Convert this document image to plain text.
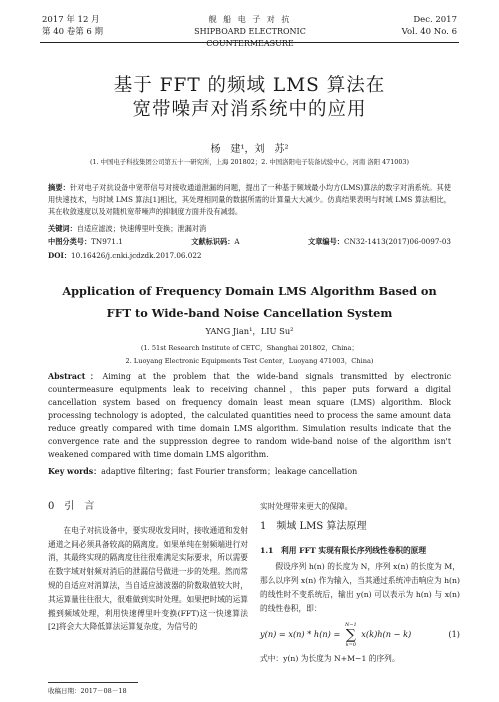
2017 年 12 月
第 40 卷第 6 期
舰 船 电 子 对 抗
SHIPBOARD ELECTRONIC COUNTERMEASURE
Dec. 2017
Vol. 40 No. 6
基于 FFT 的频域 LMS 算法在
宽带噪声对消系统中的应用
杨　建¹，刘　苏²
(1. 中国电子科技集团公司第五十一研究所，上海 201802；2. 中国洛阳电子装备试验中心，河南 洛阳 471003)
摘要：针对电子对抗设备中宽带信号对接收通道泄漏的问题，提出了一种基于频域最小均方(LMS)算法的数字对消系统。其使用快速技术，与时域 LMS 算法[1]相比，其处理相同量的数据所需的计算量大大减少。仿真结果表明与时域 LMS 算法相比，其在收敛速度以及对随机宽带噪声的抑制度方面并没有减弱。
关键词：自适应滤波；快速傅里叶变换；泄漏对消
中图分类号：TN971.1	文献标识码：A	文章编号：CN32-1413(2017)06-0097-03
DOI：10.16426/j.cnki.jcdzdk.2017.06.022
Application of Frequency Domain LMS Algorithm Based on
FFT to Wide-band Noise Cancellation System
YANG Jian¹，LIU Su²
(1. 51st Research Institute of CETC，Shanghai 201802，China；
2. Luoyang Electronic Equipments Test Center，Luoyang 471003，China)
Abstract：Aiming at the problem that the wide-band signals transmitted by electronic countermeasure equipments leak to receiving channel，this paper puts forward a digital cancellation system based on frequency domain least mean square (LMS) algorithm. Block processing technology is adopted，the calculated quantities need to process the same amount data reduce greatly compared with time domain LMS algorithm. Simulation results indicate that the convergence rate and the suppression degree to random wide-band noise of the algorithm isn't weakened compared with time domain LMS algorithm.
Key words：adaptive filtering；fast Fourier transform；leakage cancellation
0　引　言

在电子对抗设备中，要实现收发同时，接收通道和发射通道之间必须具备较高的隔离度。如果单纯在射频端进行对消，其最终实现的隔离度往往很难满足实际要求，所以需要在数字域对射频对消后的泄漏信号做进一步的处理。然而常规的自适应对消算法，当自适应滤波器的阶数取值较大时，其运算量往往很大，很难做到实时处理。如果把时域的运算搬到频域处理，利用快速傅里叶变换(FFT)这一快速算法[2]将会大大降低算法运算复杂度，为信号的

实时处理带来更大的保障。

1　频域 LMS 算法原理
1.1　利用 FFT 实现有限长序列线性卷积的原理

假设序列 h(n) 的长度为 N，序列 x(n) 的长度为 M，那么以序列 x(n) 作为输入，当其通过系统冲击响应为 h(n) 的线性时不变系统后，输出 y(n) 可以表示为 h(n) 与 x(n) 的线性卷积，即：

y(n) = x(n) * h(n) =
N−1
∑
k=0
x(k)h(n − k)	(1)

式中：y(n) 为长度为 N+M−1 的序列。

收稿日期：2017－08－18
